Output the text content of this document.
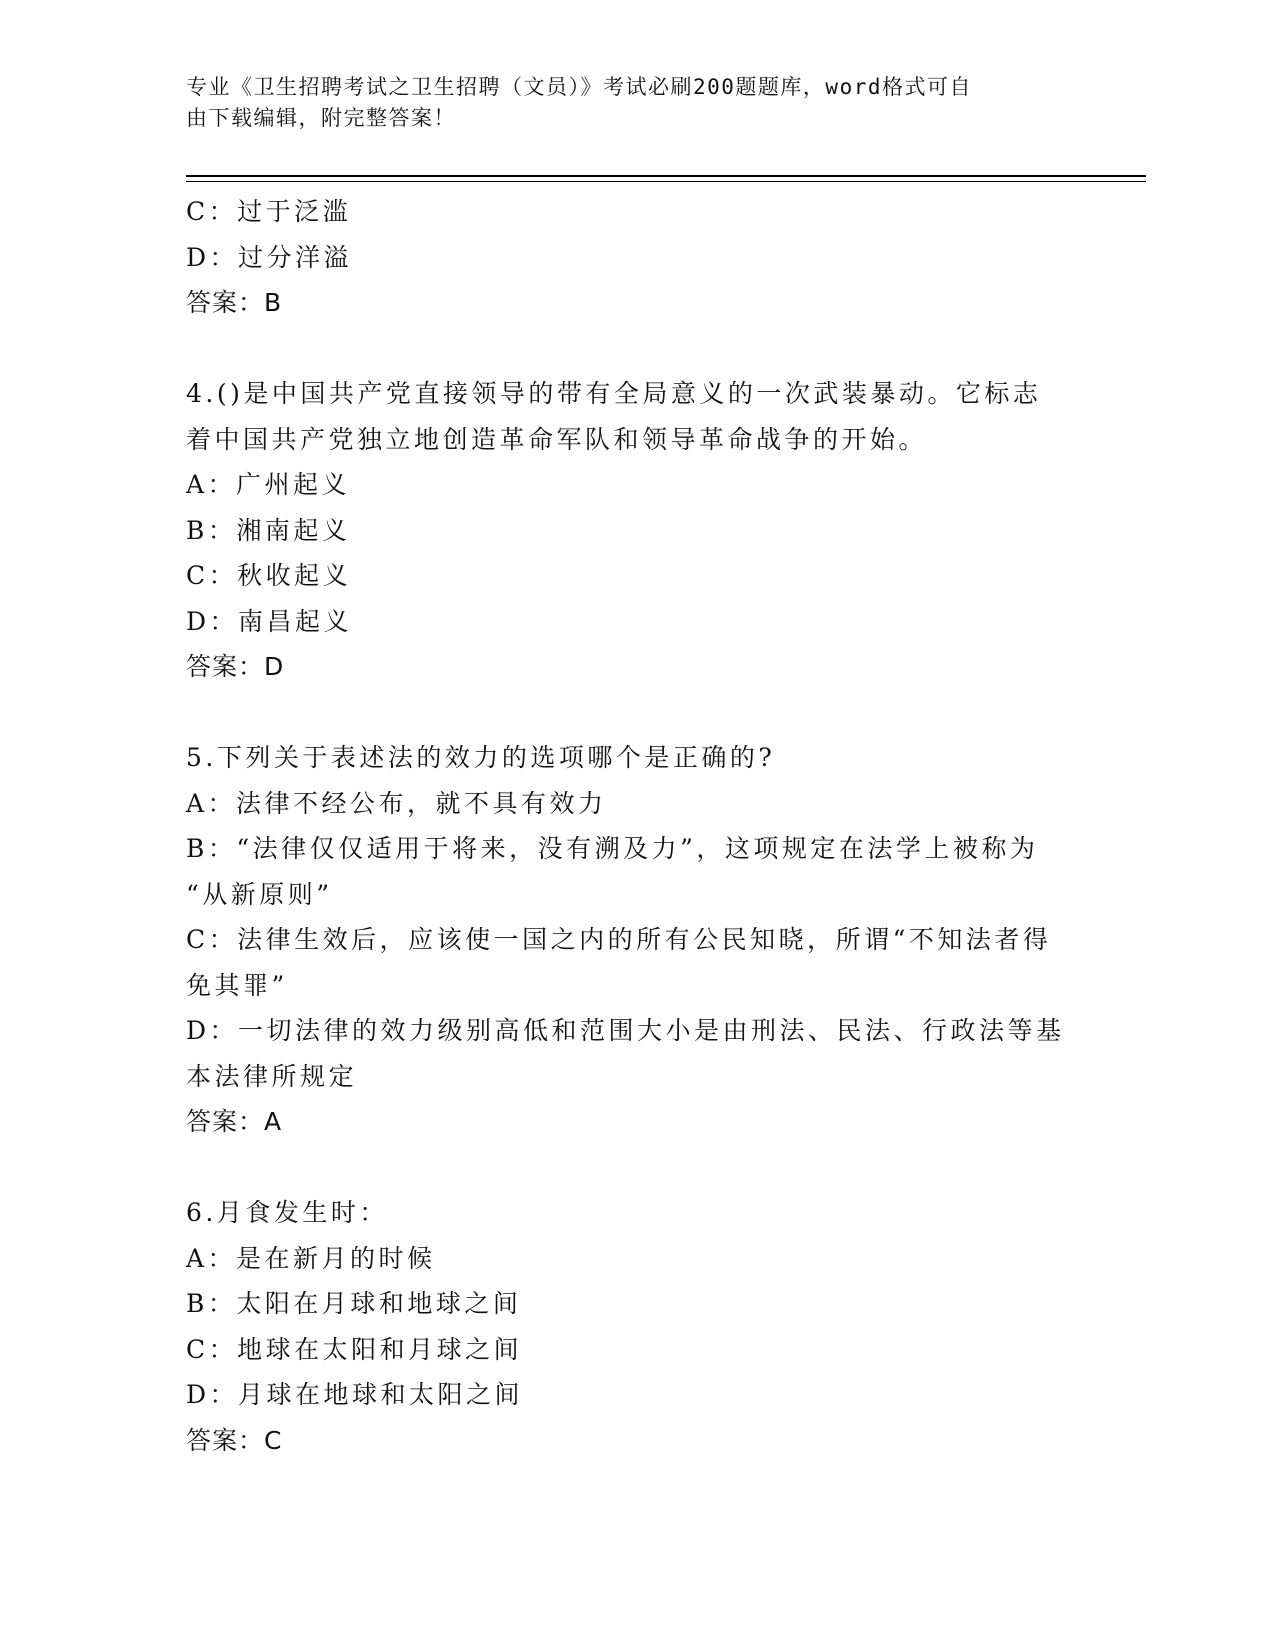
专业《卫生招聘考试之卫生招聘（文员）》考试必刷200题题库，word格式可自
由下载编辑，附完整答案！
C：过于泛滥
D：过分洋溢
答案：B
4.()是中国共产党直接领导的带有全局意义的一次武装暴动。它标志
着中国共产党独立地创造革命军队和领导革命战争的开始。
A：广州起义
B：湘南起义
C：秋收起义
D：南昌起义
答案：D
5.下列关于表述法的效力的选项哪个是正确的?
A：法律不经公布，就不具有效力
B：“法律仅仅适用于将来，没有溯及力”，这项规定在法学上被称为
“从新原则”
C：法律生效后，应该使一国之内的所有公民知晓，所谓“不知法者得
免其罪”
D：一切法律的效力级别高低和范围大小是由刑法、民法、行政法等基
本法律所规定
答案：A
6.月食发生时：
A：是在新月的时候
B：太阳在月球和地球之间
C：地球在太阳和月球之间
D：月球在地球和太阳之间
答案：C
